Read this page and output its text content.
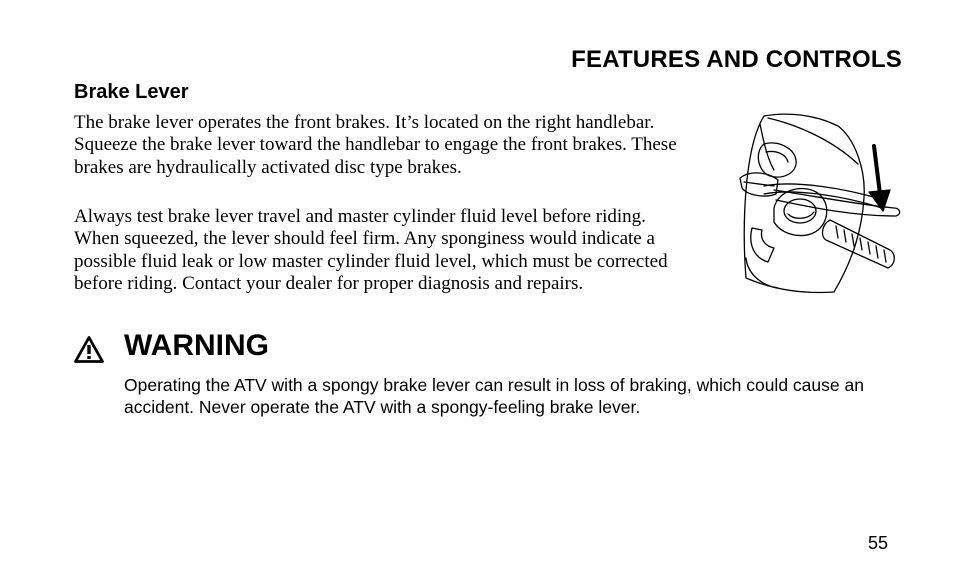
FEATURES AND CONTROLS
Brake Lever

The brake lever operates the front brakes. It’s located on the right handlebar. Squeeze the brake lever toward the handlebar to engage the front brakes. These brakes are hydraulically activated disc type brakes.

Always test brake lever travel and master cylinder fluid level before riding. When squeezed, the lever should feel firm. Any sponginess would indicate a possible fluid leak or low master cylinder fluid level, which must be corrected before riding. Contact your dealer for proper diagnosis and repairs.

WARNING

Operating the ATV with a spongy brake lever can result in loss of braking, which could cause an accident. Never operate the ATV with a spongy-feeling brake lever.

55
